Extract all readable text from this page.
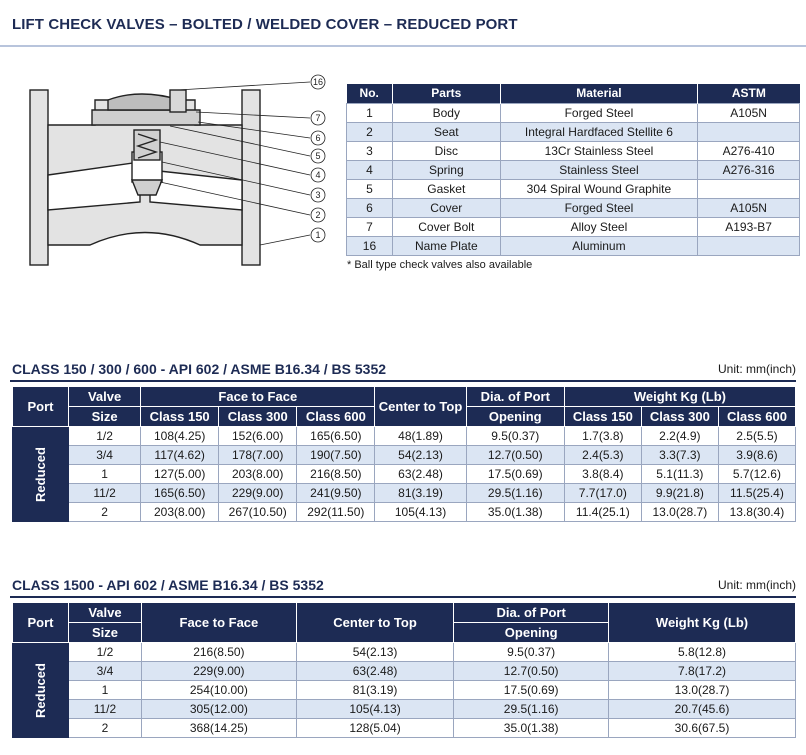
LIFT CHECK VALVES – BOLTED / WELDED COVER – REDUCED PORT
16
7
6
5
4
3
2
1
No.	Parts	Material	ASTM
1	Body	Forged Steel	A105N
2	Seat	Integral Hardfaced Stellite 6	
3	Disc	13Cr Stainless Steel	A276-410
4	Spring	Stainless Steel	A276-316
5	Gasket	304 Spiral Wound Graphite	
6	Cover	Forged Steel	A105N
7	Cover Bolt	Alloy Steel	A193-B7
16	Name Plate	Aluminum	
* Ball type check valves also available
CLASS 150 / 300 / 600 - API 602 / ASME B16.34 / BS 5352	Unit: mm(inch)
Port	Valve	Face to Face			Center to Top	Dia. of Port	Weight Kg (Lb)		
	Size	Class 150	Class 300	Class 600		Opening	Class 150	Class 300	Class 600
Reduced	1/2	108(4.25)	152(6.00)	165(6.50)	48(1.89)	9.5(0.37)	1.7(3.8)	2.2(4.9)	2.5(5.5)
	3/4	117(4.62)	178(7.00)	190(7.50)	54(2.13)	12.7(0.50)	2.4(5.3)	3.3(7.3)	3.9(8.6)
	1	127(5.00)	203(8.00)	216(8.50)	63(2.48)	17.5(0.69)	3.8(8.4)	5.1(11.3)	5.7(12.6)
	11/2	165(6.50)	229(9.00)	241(9.50)	81(3.19)	29.5(1.16)	7.7(17.0)	9.9(21.8)	11.5(25.4)
	2	203(8.00)	267(10.50)	292(11.50)	105(4.13)	35.0(1.38)	11.4(25.1)	13.0(28.7)	13.8(30.4)
CLASS 1500 - API 602 / ASME B16.34 / BS 5352	Unit: mm(inch)
Port	Valve	Face to Face	Center to Top	Dia. of Port	Weight Kg (Lb)
	Size			Opening	
Reduced	1/2	216(8.50)	54(2.13)	9.5(0.37)	5.8(12.8)
	3/4	229(9.00)	63(2.48)	12.7(0.50)	7.8(17.2)
	1	254(10.00)	81(3.19)	17.5(0.69)	13.0(28.7)
	11/2	305(12.00)	105(4.13)	29.5(1.16)	20.7(45.6)
	2	368(14.25)	128(5.04)	35.0(1.38)	30.6(67.5)
